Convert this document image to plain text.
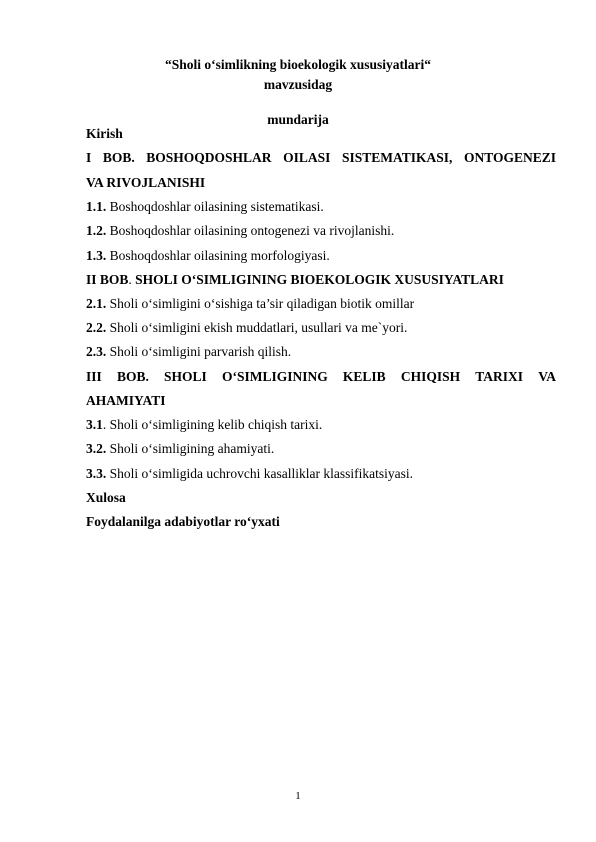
“Sholi o‘simlikning bioekologik xususiyatlari“
mavzusidag
mundarija
Kirish
I BOB. BOSHOQDOSHLAR OILASI SISTEMATIKASI, ONTOGENEZI
VA RIVOJLANISHI
1.1. Boshoqdoshlar oilasining sistematikasi.
1.2. Boshoqdoshlar oilasining ontogenezi va rivojlanishi.
1.3. Boshoqdoshlar oilasining morfologiyasi.
II BOB. SHOLI O‘SIMLIGINING BIOEKOLOGIK XUSUSIYATLARI
2.1. Sholi o‘simligini o‘sishiga ta’sir qiladigan biotik omillar
2.2. Sholi o‘simligini ekish muddatlari, usullari va me`yori.
2.3. Sholi o‘simligini parvarish qilish.
III BOB. SHOLI O‘SIMLIGINING KELIB CHIQISH TARIXI VA
AHAMIYATI
3.1. Sholi o‘simligining kelib chiqish tarixi.
3.2. Sholi o‘simligining ahamiyati.
3.3. Sholi o‘simligida uchrovchi kasalliklar klassifikatsiyasi.
Xulosa
Foydalanilga adabiyotlar ro‘yxati
1
